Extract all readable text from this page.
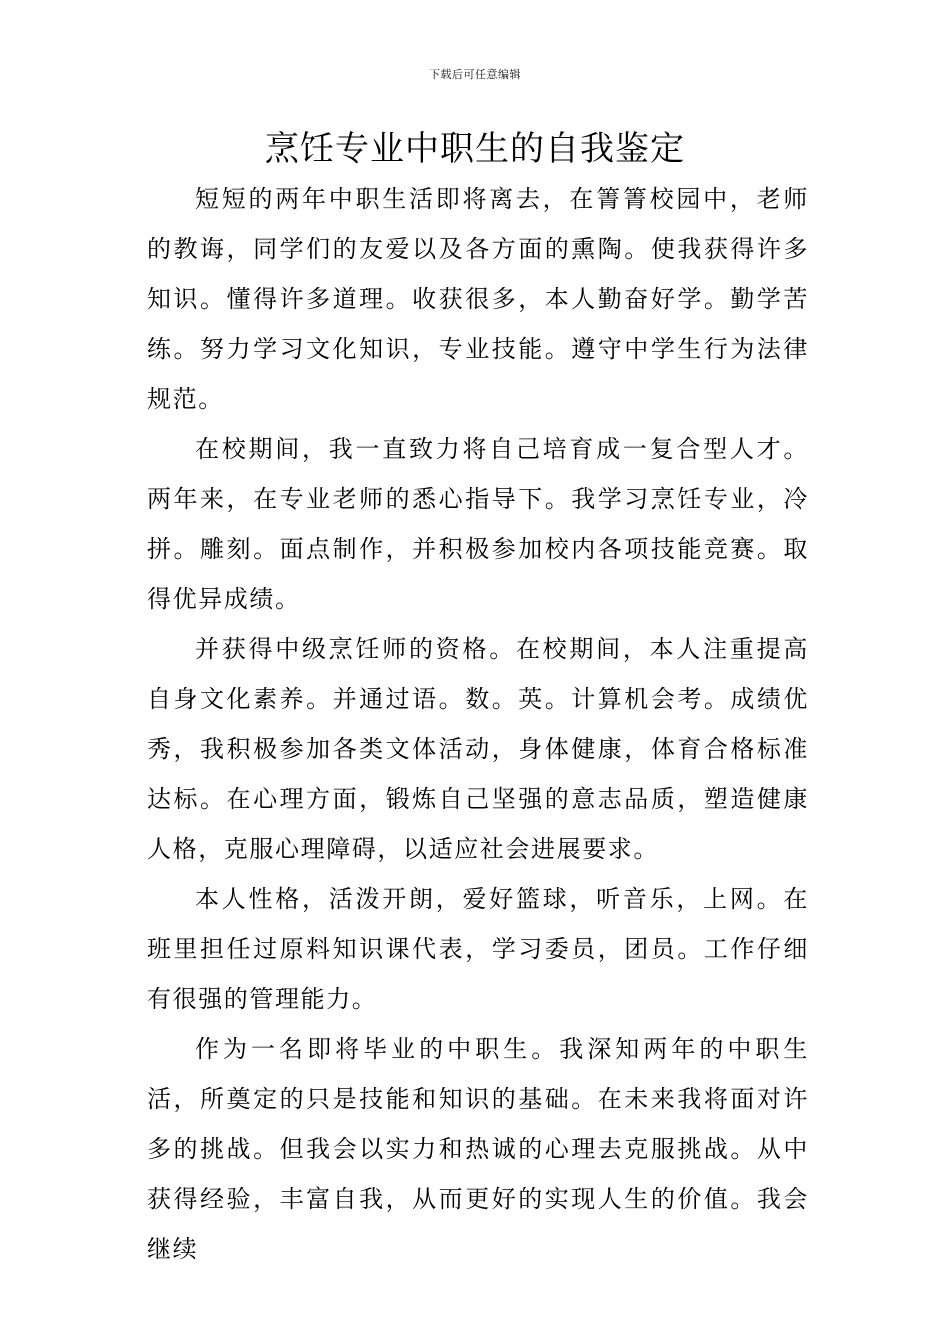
下载后可任意编辑
烹饪专业中职生的自我鉴定

短短的两年中职生活即将离去，在箐箐校园中，老师的教诲，同学们的友爱以及各方面的熏陶。使我获得许多知识。懂得许多道理。收获很多，本人勤奋好学。勤学苦练。努力学习文化知识，专业技能。遵守中学生行为法律规范。

在校期间，我一直致力将自己培育成一复合型人才。两年来，在专业老师的悉心指导下。我学习烹饪专业，冷拼。雕刻。面点制作，并积极参加校内各项技能竞赛。取得优异成绩。

并获得中级烹饪师的资格。在校期间，本人注重提高自身文化素养。并通过语。数。英。计算机会考。成绩优秀，我积极参加各类文体活动，身体健康，体育合格标准达标。在心理方面，锻炼自己坚强的意志品质，塑造健康人格，克服心理障碍，以适应社会进展要求。

本人性格，活泼开朗，爱好篮球，听音乐，上网。在班里担任过原料知识课代表，学习委员，团员。工作仔细有很强的管理能力。

作为一名即将毕业的中职生。我深知两年的中职生活，所奠定的只是技能和知识的基础。在未来我将面对许多的挑战。但我会以实力和热诚的心理去克服挑战。从中获得经验，丰富自我，从而更好的实现人生的价值。我会继续
